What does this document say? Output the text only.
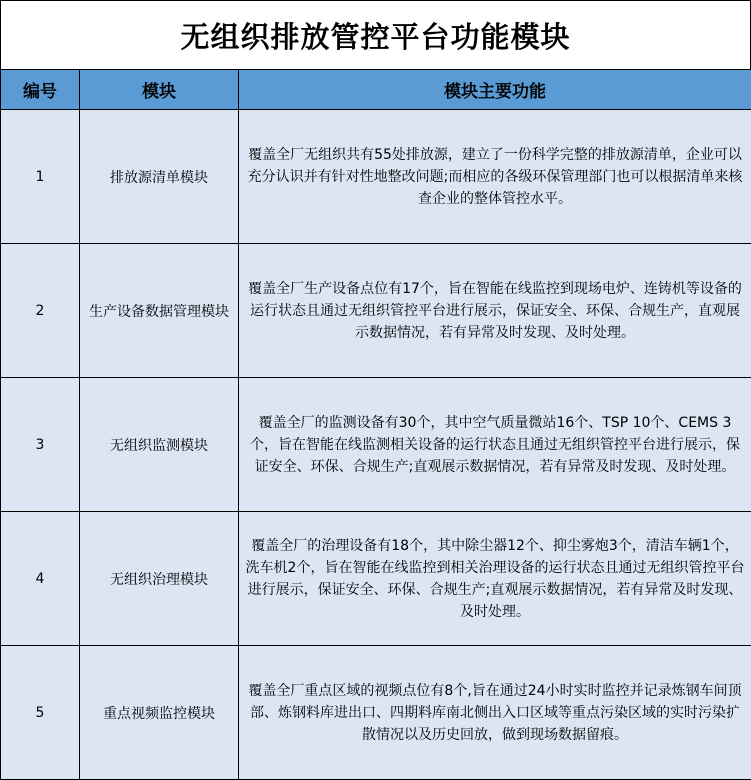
无组织排放管控平台功能模块
编号	模块	模块主要功能
1	排放源清单模块	覆盖全厂无组织共有55处排放源，建立了一份科学完整的排放源清单，企业可以充分认识并有针对性地整改问题;而相应的各级环保管理部门也可以根据清单来核查企业的整体管控水平。
2	生产设备数据管理模块	覆盖全厂生产设备点位有17个，旨在智能在线监控到现场电炉、连铸机等设备的运行状态且通过无组织管控平台进行展示，保证安全、环保、合规生产，直观展示数据情况，若有异常及时发现、及时处理。
3	无组织监测模块	覆盖全厂的监测设备有30个，其中空气质量微站16个、TSP 10个、CEMS 3个，旨在智能在线监测相关设备的运行状态且通过无组织管控平台进行展示，保证安全、环保、合规生产;直观展示数据情况，若有异常及时发现、及时处理。
4	无组织治理模块	覆盖全厂的治理设备有18个，其中除尘器12个、抑尘雾炮3个，清洁车辆1个，洗车机2个，旨在智能在线监控到相关治理设备的运行状态且通过无组织管控平台进行展示，保证安全、环保、合规生产;直观展示数据情况，若有异常及时发现、及时处理。
5	重点视频监控模块	覆盖全厂重点区域的视频点位有8个,旨在通过24小时实时监控并记录炼钢车间顶部、炼钢料库进出口、四期料库南北侧出入口区域等重点污染区域的实时污染扩散情况以及历史回放，做到现场数据留痕。
